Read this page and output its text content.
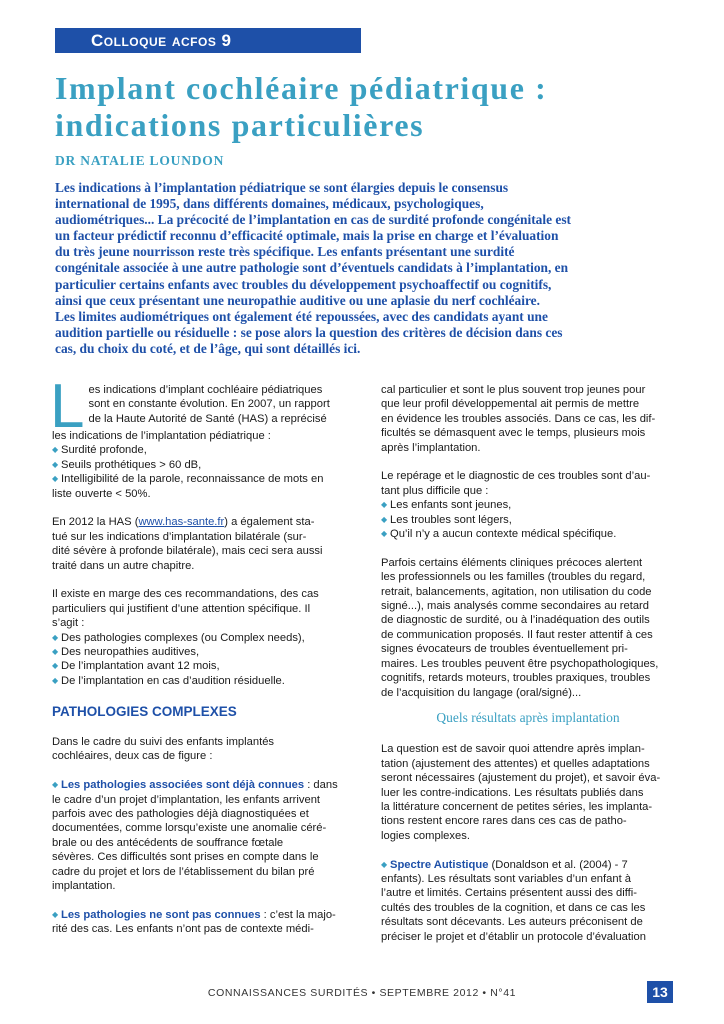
Colloque acfos 9
Implant cochléaire pédiatrique :
indications particulières
DR NATALIE LOUNDON
Les indications à l’implantation pédiatrique se sont élargies depuis le consensus
international de 1995, dans différents domaines, médicaux, psychologiques,
audiométriques... La précocité de l’implantation en cas de surdité profonde congénitale est
un facteur prédictif reconnu d’efficacité optimale, mais la prise en charge et l’évaluation
du très jeune nourrisson reste très spécifique. Les enfants présentant une surdité
congénitale associée à une autre pathologie sont d’éventuels candidats à l’implantation, en
particulier certains enfants avec troubles du développement psychoaffectif ou cognitifs,
ainsi que ceux présentant une neuropathie auditive ou une aplasie du nerf cochléaire.
Les limites audiométriques ont également été repoussées, avec des candidats ayant une
audition partielle ou résiduelle : se pose alors la question des critères de décision dans ces
cas, du choix du coté, et de l’âge, qui sont détaillés ici.
L es indications d’implant cochléaire pédiatriques
sont en constante évolution. En 2007, un rapport
de la Haute Autorité de Santé (HAS) a reprécisé
les indications de l’implantation pédiatrique :
◆ Surdité profonde,
◆ Seuils prothétiques > 60 dB,
◆ Intelligibilité de la parole, reconnaissance de mots en
liste ouverte < 50%.
En 2012 la HAS (www.has-sante.fr) a également sta-
tué sur les indications d’implantation bilatérale (sur-
dité sévère à profonde bilatérale), mais ceci sera aussi
traité dans un autre chapitre.
Il existe en marge des ces recommandations, des cas
particuliers qui justifient d’une attention spécifique. Il
s’agit :
◆ Des pathologies complexes (ou Complex needs),
◆ Des neuropathies auditives,
◆ De l’implantation avant 12 mois,
◆ De l’implantation en cas d’audition résiduelle.
PATHOLOGIES COMPLEXES
Dans le cadre du suivi des enfants implantés
cochléaires, deux cas de figure :
◆ Les pathologies associées sont déjà connues : dans
le cadre d’un projet d’implantation, les enfants arrivent
parfois avec des pathologies déjà diagnostiquées et
documentées, comme lorsqu’existe une anomalie céré-
brale ou des antécédents de souffrance fœtale
sévères. Ces difficultés sont prises en compte dans le
cadre du projet et lors de l’établissement du bilan pré
implantation.
◆ Les pathologies ne sont pas connues : c’est la majo-
rité des cas. Les enfants n’ont pas de contexte médi-
cal particulier et sont le plus souvent trop jeunes pour
que leur profil développemental ait permis de mettre
en évidence les troubles associés. Dans ce cas, les dif-
ficultés se démasquent avec le temps, plusieurs mois
après l’implantation.
Le repérage et le diagnostic de ces troubles sont d’au-
tant plus difficile que :
◆ Les enfants sont jeunes,
◆ Les troubles sont légers,
◆ Qu’il n’y a aucun contexte médical spécifique.
Parfois certains éléments cliniques précoces alertent
les professionnels ou les familles (troubles du regard,
retrait, balancements, agitation, non utilisation du code
signé...), mais analysés comme secondaires au retard
de diagnostic de surdité, ou à l’inadéquation des outils
de communication proposés. Il faut rester attentif à ces
signes évocateurs de troubles éventuellement pri-
maires. Les troubles peuvent être psychopathologiques,
cognitifs, retards moteurs, troubles praxiques, troubles
de l’acquisition du langage (oral/signé)...
Quels résultats après implantation
La question est de savoir quoi attendre après implan-
tation (ajustement des attentes) et quelles adaptations
seront nécessaires (ajustement du projet), et savoir éva-
luer les contre-indications. Les résultats publiés dans
la littérature concernent de petites séries, les implanta-
tions restent encore rares dans ces cas de patho-
logies complexes.
◆ Spectre Autistique (Donaldson et al. (2004) - 7
enfants). Les résultats sont variables d’un enfant à
l’autre et limités. Certains présentent aussi des diffi-
cultés des troubles de la cognition, et dans ce cas les
résultats sont décevants. Les auteurs préconisent de
préciser le projet et d’établir un protocole d’évaluation
CONNAISSANCES SURDITÉS • SEPTEMBRE 2012 • N°41	13
